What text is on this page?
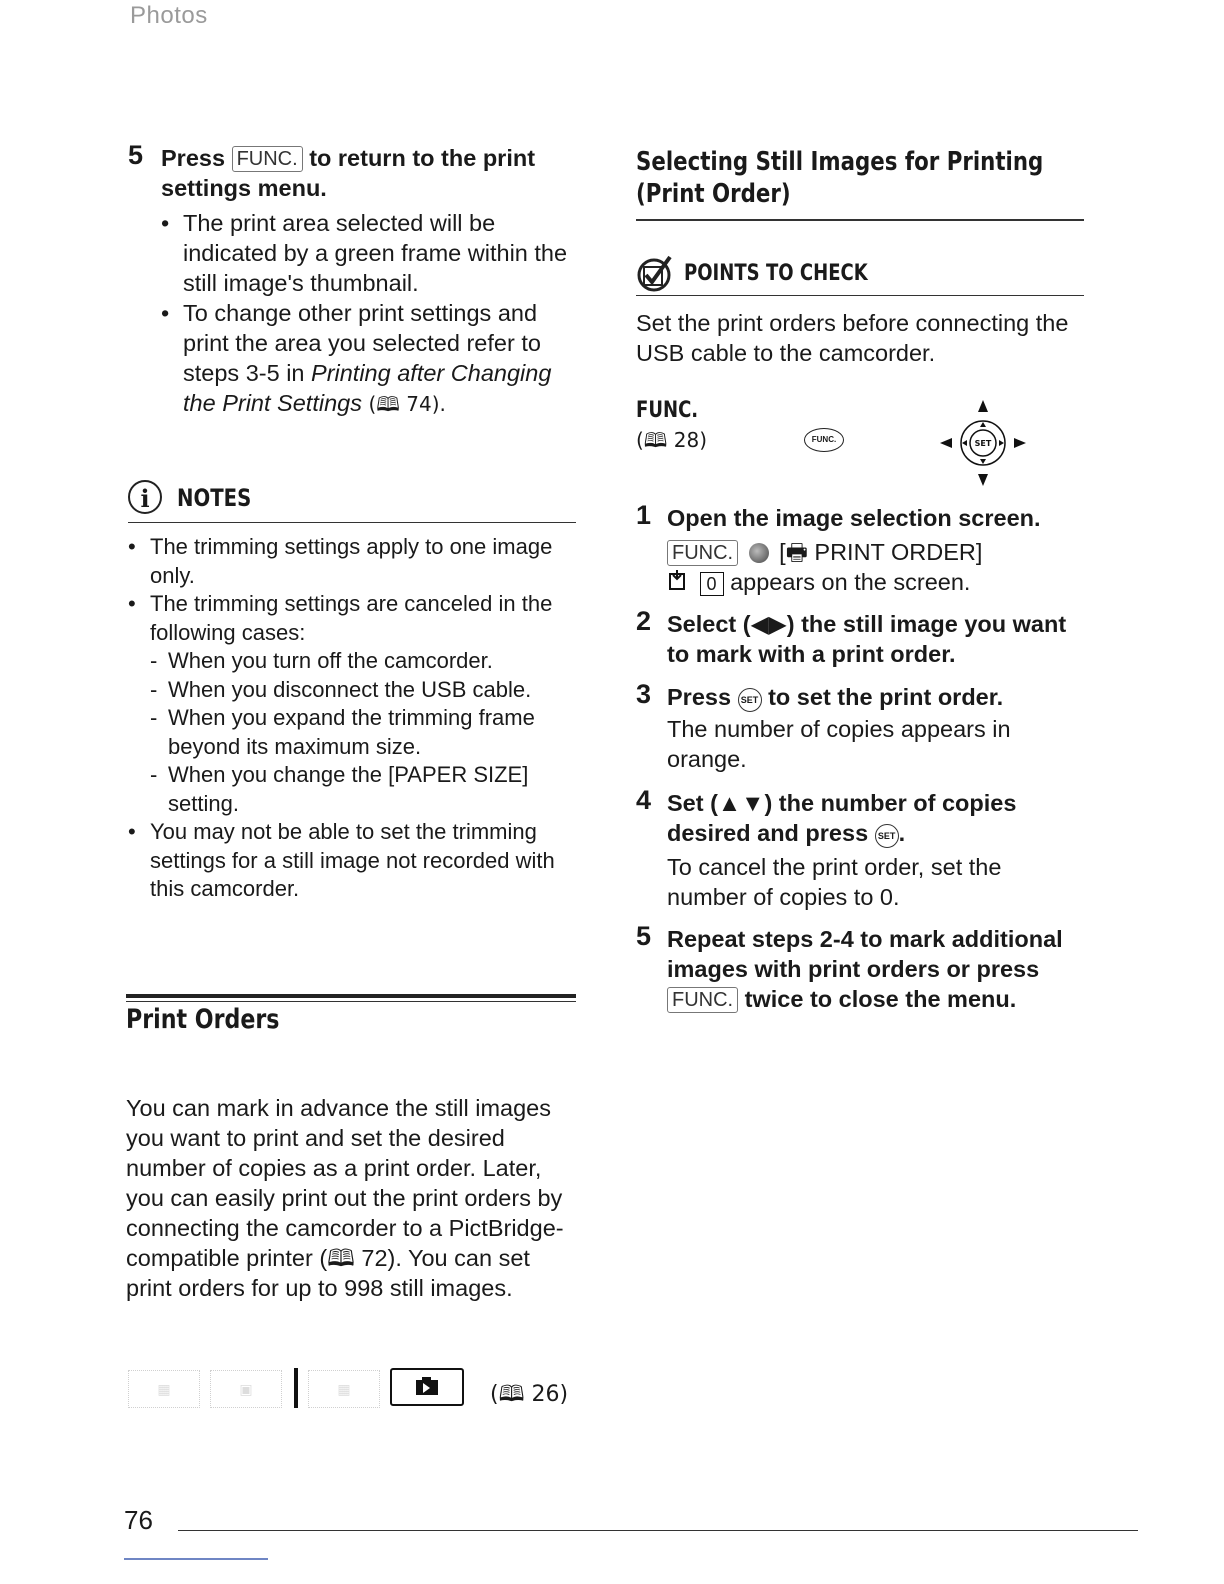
Photos
5 Press FUNC. to return to the print settings menu.
• The print area selected will be indicated by a green frame within the still image's thumbnail.
• To change other print settings and print the area you selected refer to steps 3-5 in Printing after Changing the Print Settings (🕮 74).
i	NOTES
• The trimming settings apply to one image only.
• The trimming settings are canceled in the following cases:
- When you turn off the camcorder.
- When you disconnect the USB cable.
- When you expand the trimming frame beyond its maximum size.
- When you change the [PAPER SIZE] setting.
• You may not be able to set the trimming settings for a still image not recorded with this camcorder.
Print Orders
You can mark in advance the still images you want to print and set the desired number of copies as a print order. Later, you can easily print out the print orders by connecting the camcorder to a PictBridge-compatible printer (🕮 72). You can set print orders for up to 998 still images.
▦	▣	▦	(🕮 26)
Selecting Still Images for Printing
(Print Order)
POINTS TO CHECK
Set the print orders before connecting the USB cable to the camcorder.
FUNC.
(🕮 28)	FUNC.	SET
1 Open the image selection screen.
FUNC. [🖶 PRINT ORDER]
0 appears on the screen.
2 Select (◀▶) the still image you want to mark with a print order.
3 Press SET to set the print order.
The number of copies appears in orange.
4 Set (▲▼) the number of copies desired and press SET .
To cancel the print order, set the number of copies to 0.
5 Repeat steps 2-4 to mark additional images with print orders or press FUNC. twice to close the menu.
76
